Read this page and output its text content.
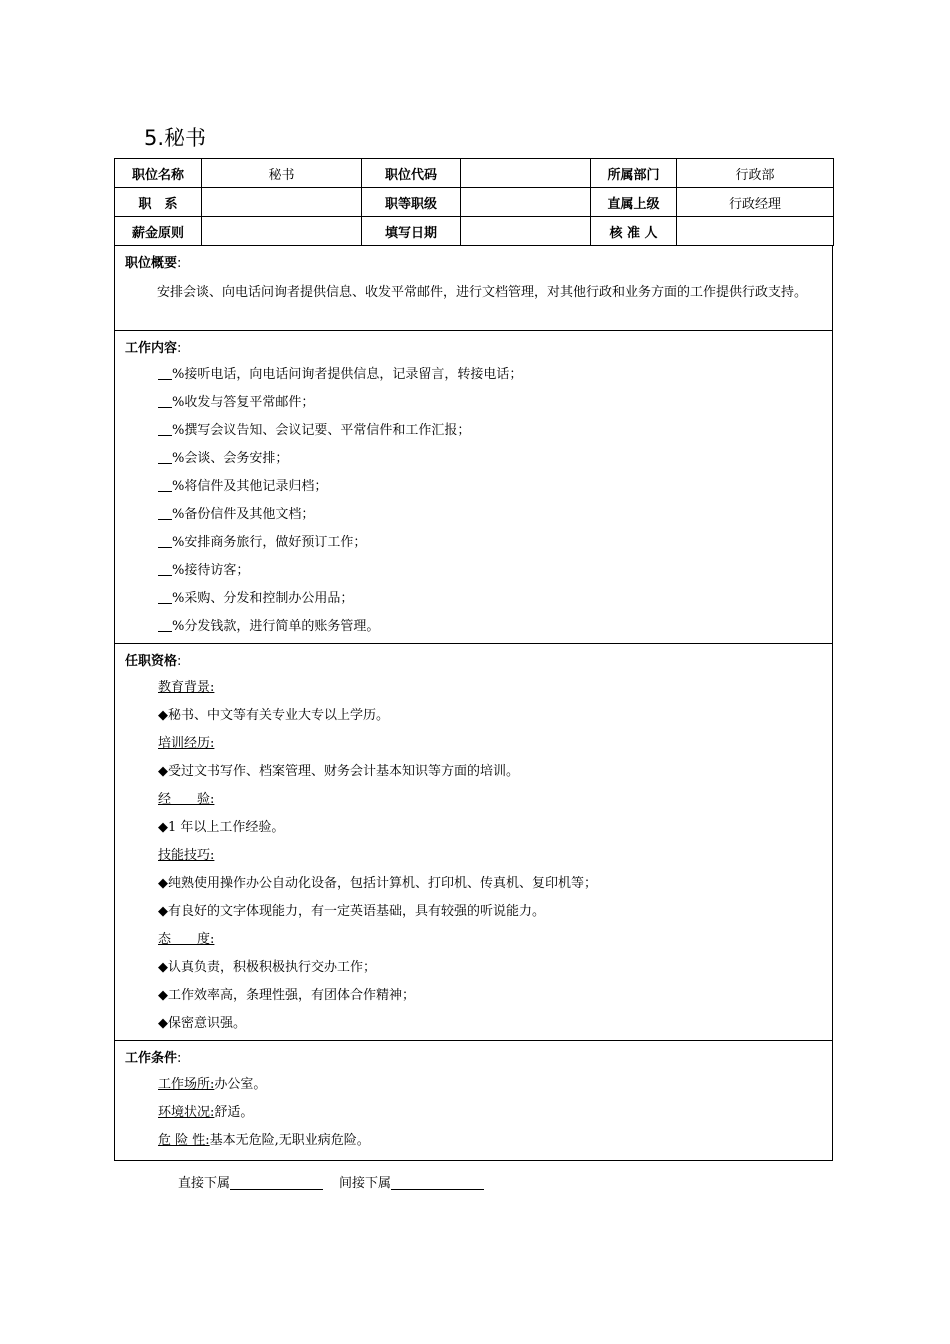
5.秘书
职位名称	秘书	职位代码		所属部门	行政部
职　系		职等职级		直属上级	行政经理
薪金原则		填写日期		核 准 人	
职位概要:
安排会谈、向电话问询者提供信息、收发平常邮件，进行文档管理，对其他行政和业务方面的工作提供行政支持。
工作内容:
%接听电话，向电话问询者提供信息，记录留言，转接电话；
%收发与答复平常邮件；
%撰写会议告知、会议记要、平常信件和工作汇报；
%会谈、会务安排；
%将信件及其他记录归档；
%备份信件及其他文档；
%安排商务旅行，做好预订工作；
%接待访客；
%采购、分发和控制办公用品；
%分发钱款，进行简单的账务管理。
任职资格:
教育背景:
◆秘书、中文等有关专业大专以上学历。
培训经历:
◆受过文书写作、档案管理、财务会计基本知识等方面的培训。
经　　验:
◆1 年以上工作经验。
技能技巧:
◆纯熟使用操作办公自动化设备，包括计算机、打印机、传真机、复印机等；
◆有良好的文字体现能力，有一定英语基础，具有较强的听说能力。
态　　度:
◆认真负责，积极积极执行交办工作；
◆工作效率高，条理性强，有团体合作精神；
◆保密意识强。
工作条件:
工作场所:办公室。
环境状况:舒适。
危 险 性:基本无危险,无职业病危险。
直接下属	间接下属
